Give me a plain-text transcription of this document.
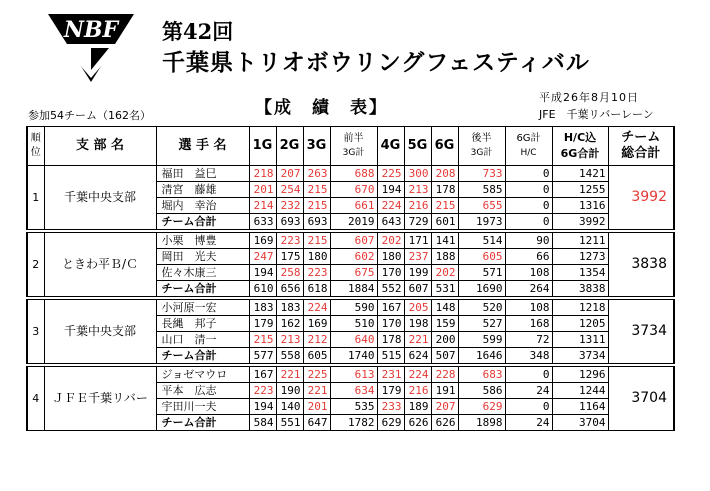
NBF 第42回
千葉県トリオボウリングフェスティバル
参加54チーム（162名）	【成　績　表】
平成26年8月10日
JFE　千葉リバーレーン
順
位	支 部 名	選 手 名	1G	2G	3G	前半
3G計	4G	5G	6G	後半
3G計	6G計
H/C	H/C込
6G合計	チーム
総合計
1	千葉中央支部	福田　益巳	218	207	263	688	225	300	208	733	0	1421	3992
		清宮　藤雄	201	254	215	670	194	213	178	585	0	1255	
		堀内　幸治	214	232	215	661	224	216	215	655	0	1316	
		チーム合計	633	693	693	2019	643	729	601	1973	0	3992	

2	ときわ平Ｂ/Ｃ	小栗　博豊	169	223	215	607	202	171	141	514	90	1211	3838
		岡田　光夫	247	175	180	602	180	237	188	605	66	1273	
		佐々木康三	194	258	223	675	170	199	202	571	108	1354	
		チーム合計	610	656	618	1884	552	607	531	1690	264	3838	

3	千葉中央支部	小河原一宏	183	183	224	590	167	205	148	520	108	1218	3734
		長縄　邦子	179	162	169	510	170	198	159	527	168	1205	
		山口　清一	215	213	212	640	178	221	200	599	72	1311	
		チーム合計	577	558	605	1740	515	624	507	1646	348	3734	

4	ＪＦＥ千葉リバー	ジョゼマウロ	167	221	225	613	231	224	228	683	0	1296	3704
		平本　広志	223	190	221	634	179	216	191	586	24	1244	
		宇田川一夫	194	140	201	535	233	189	207	629	0	1164	
		チーム合計	584	551	647	1782	629	626	626	1898	24	3704	
